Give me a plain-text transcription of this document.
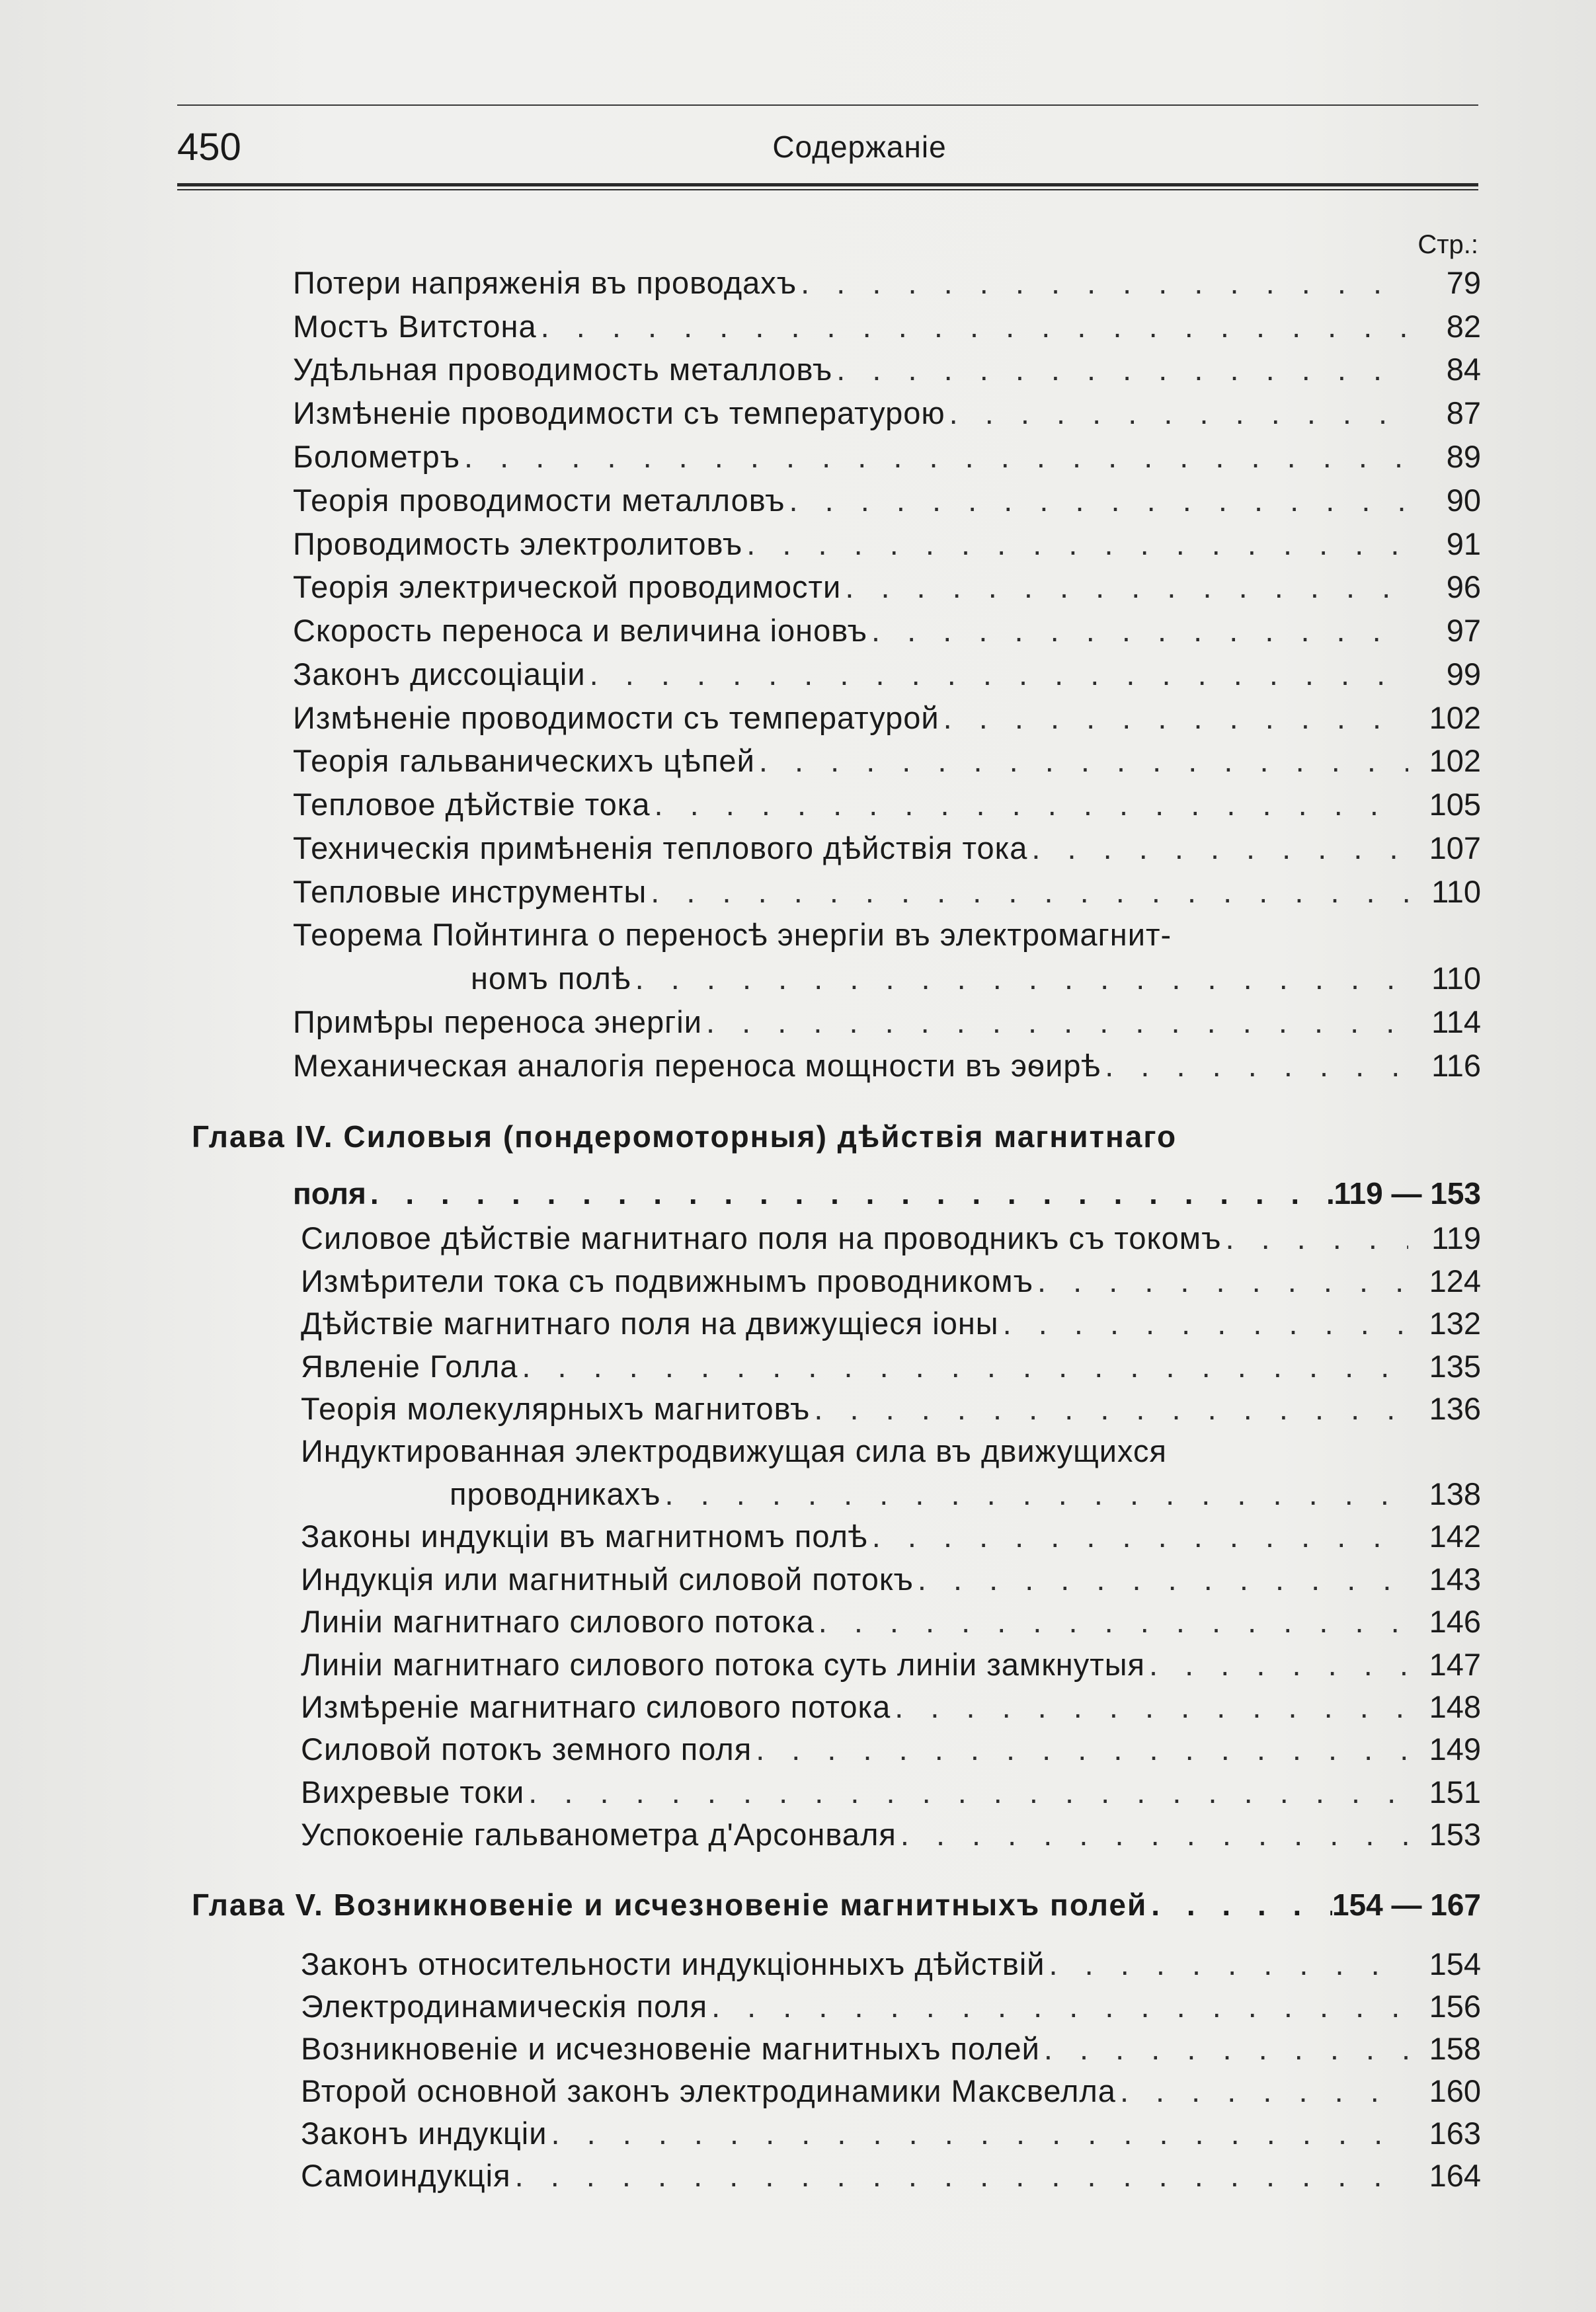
450	Содержаніе
Стр.:
Потери напряженія въ проводахъ . . .	79
Мостъ Витстона . . .	82
Удѣльная проводимость металловъ . . .	84
Измѣненіе проводимости съ температурою . . .	87
Болометръ . . .	89
Теорія проводимости металловъ . . .	90
Проводимость электролитовъ . . .	91
Теорія электрической проводимости . . .	96
Скорость переноса и величина іоновъ . . .	97
Законъ диссоціаціи . . .	99
Измѣненіе проводимости съ температурой . . .	102
Теорія гальваническихъ цѣпей . . .	102
Тепловое дѣйствіе тока . . .	105
Техническія примѣненія теплового дѣйствія тока . . .	107
Тепловые инструменты . . .	110
Теорема Пойнтинга о переносѣ энергіи въ электромагнит-
номъ полѣ . . .	110
Примѣры переноса энергіи . . .	114
Механическая аналогія переноса мощности въ эѳирѣ . . .	116
Глава IV. Силовыя (пондеромоторныя) дѣйствія магнитнаго
поля . . .	119 — 153
Силовое дѣйствіе магнитнаго поля на проводникъ съ токомъ . . .	119
Измѣрители тока съ подвижнымъ проводникомъ . . .	124
Дѣйствіе магнитнаго поля на движущіеся іоны . . .	132
Явленіе Голла . . .	135
Теорія молекулярныхъ магнитовъ . . .	136
Индуктированная электродвижущая сила въ движущихся
проводникахъ . . .	138
Законы индукціи въ магнитномъ полѣ . . .	142
Индукція или магнитный силовой потокъ . . .	143
Линіи магнитнаго силового потока . . .	146
Линіи магнитнаго силового потока суть линіи замкнутыя . . .	147
Измѣреніе магнитнаго силового потока . . .	148
Силовой потокъ земного поля . . .	149
Вихревые токи . . .	151
Успокоеніе гальванометра д'Арсонваля . . .	153
Глава V. Возникновеніе и исчезновеніе магнитныхъ полей . . .	154 — 167
Законъ относительности индукціонныхъ дѣйствій . . .	154
Электродинамическія поля . . .	156
Возникновеніе и исчезновеніе магнитныхъ полей . . .	158
Второй основной законъ электродинамики Максвелла . . .	160
Законъ индукціи . . .	163
Самоиндукція . . .	164
